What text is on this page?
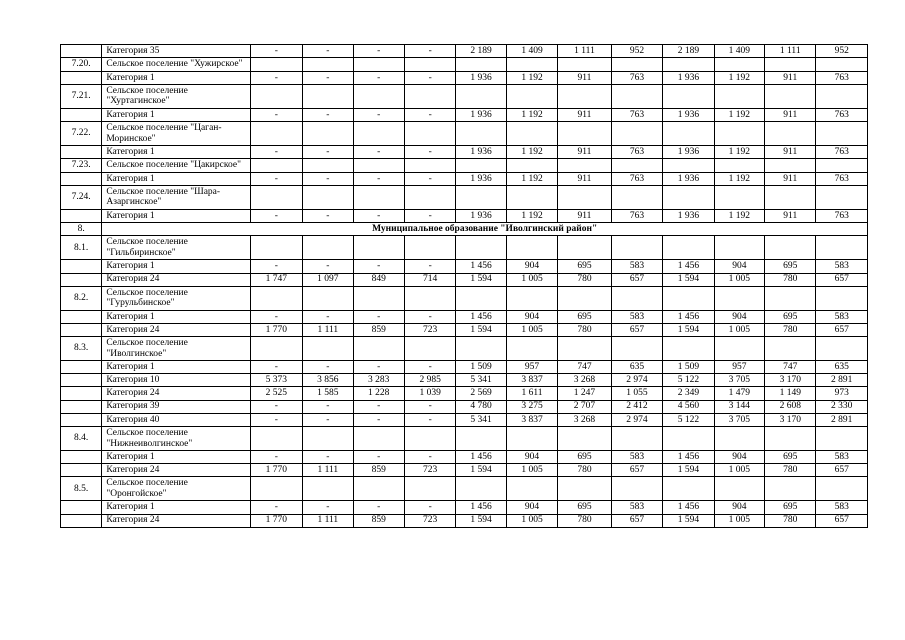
	Категория 35	-	-	-	-	2 189	1 409	1 111	952	2 189	1 409	1 111	952
7.20.	Сельское поселение "Хужирское"												
	Категория 1	-	-	-	-	1 936	1 192	911	763	1 936	1 192	911	763
7.21.	Сельское поселение "Хуртагинское"												
	Категория 1	-	-	-	-	1 936	1 192	911	763	1 936	1 192	911	763
7.22.	Сельское поселение "Цаган-Моринское"												
	Категория 1	-	-	-	-	1 936	1 192	911	763	1 936	1 192	911	763
7.23.	Сельское поселение "Цакирское"												
	Категория 1	-	-	-	-	1 936	1 192	911	763	1 936	1 192	911	763
7.24.	Сельское поселение "Шара-Азаргинское"												
	Категория 1	-	-	-	-	1 936	1 192	911	763	1 936	1 192	911	763
8.	Муниципальное образование "Иволгинский район"												
8.1.	Сельское поселение "Гильбиринское"												
	Категория 1	-	-	-	-	1 456	904	695	583	1 456	904	695	583
	Категория 24	1 747	1 097	849	714	1 594	1 005	780	657	1 594	1 005	780	657
8.2.	Сельское поселение "Гурульбинское"												
	Категория 1	-	-	-	-	1 456	904	695	583	1 456	904	695	583
	Категория 24	1 770	1 111	859	723	1 594	1 005	780	657	1 594	1 005	780	657
8.3.	Сельское поселение "Иволгинское"												
	Категория 1	-	-	-	-	1 509	957	747	635	1 509	957	747	635
	Категория 10	5 373	3 856	3 283	2 985	5 341	3 837	3 268	2 974	5 122	3 705	3 170	2 891
	Категория 24	2 525	1 585	1 228	1 039	2 569	1 611	1 247	1 055	2 349	1 479	1 149	973
	Категория 39	-	-	-	-	4 780	3 275	2 707	2 412	4 560	3 144	2 608	2 330
	Категория 40	-	-	-	-	5 341	3 837	3 268	2 974	5 122	3 705	3 170	2 891
8.4.	Сельское поселение "Нижнеиволгинское"												
	Категория 1	-	-	-	-	1 456	904	695	583	1 456	904	695	583
	Категория 24	1 770	1 111	859	723	1 594	1 005	780	657	1 594	1 005	780	657
8.5.	Сельское поселение "Оронгойское"												
	Категория 1	-	-	-	-	1 456	904	695	583	1 456	904	695	583
	Категория 24	1 770	1 111	859	723	1 594	1 005	780	657	1 594	1 005	780	657
